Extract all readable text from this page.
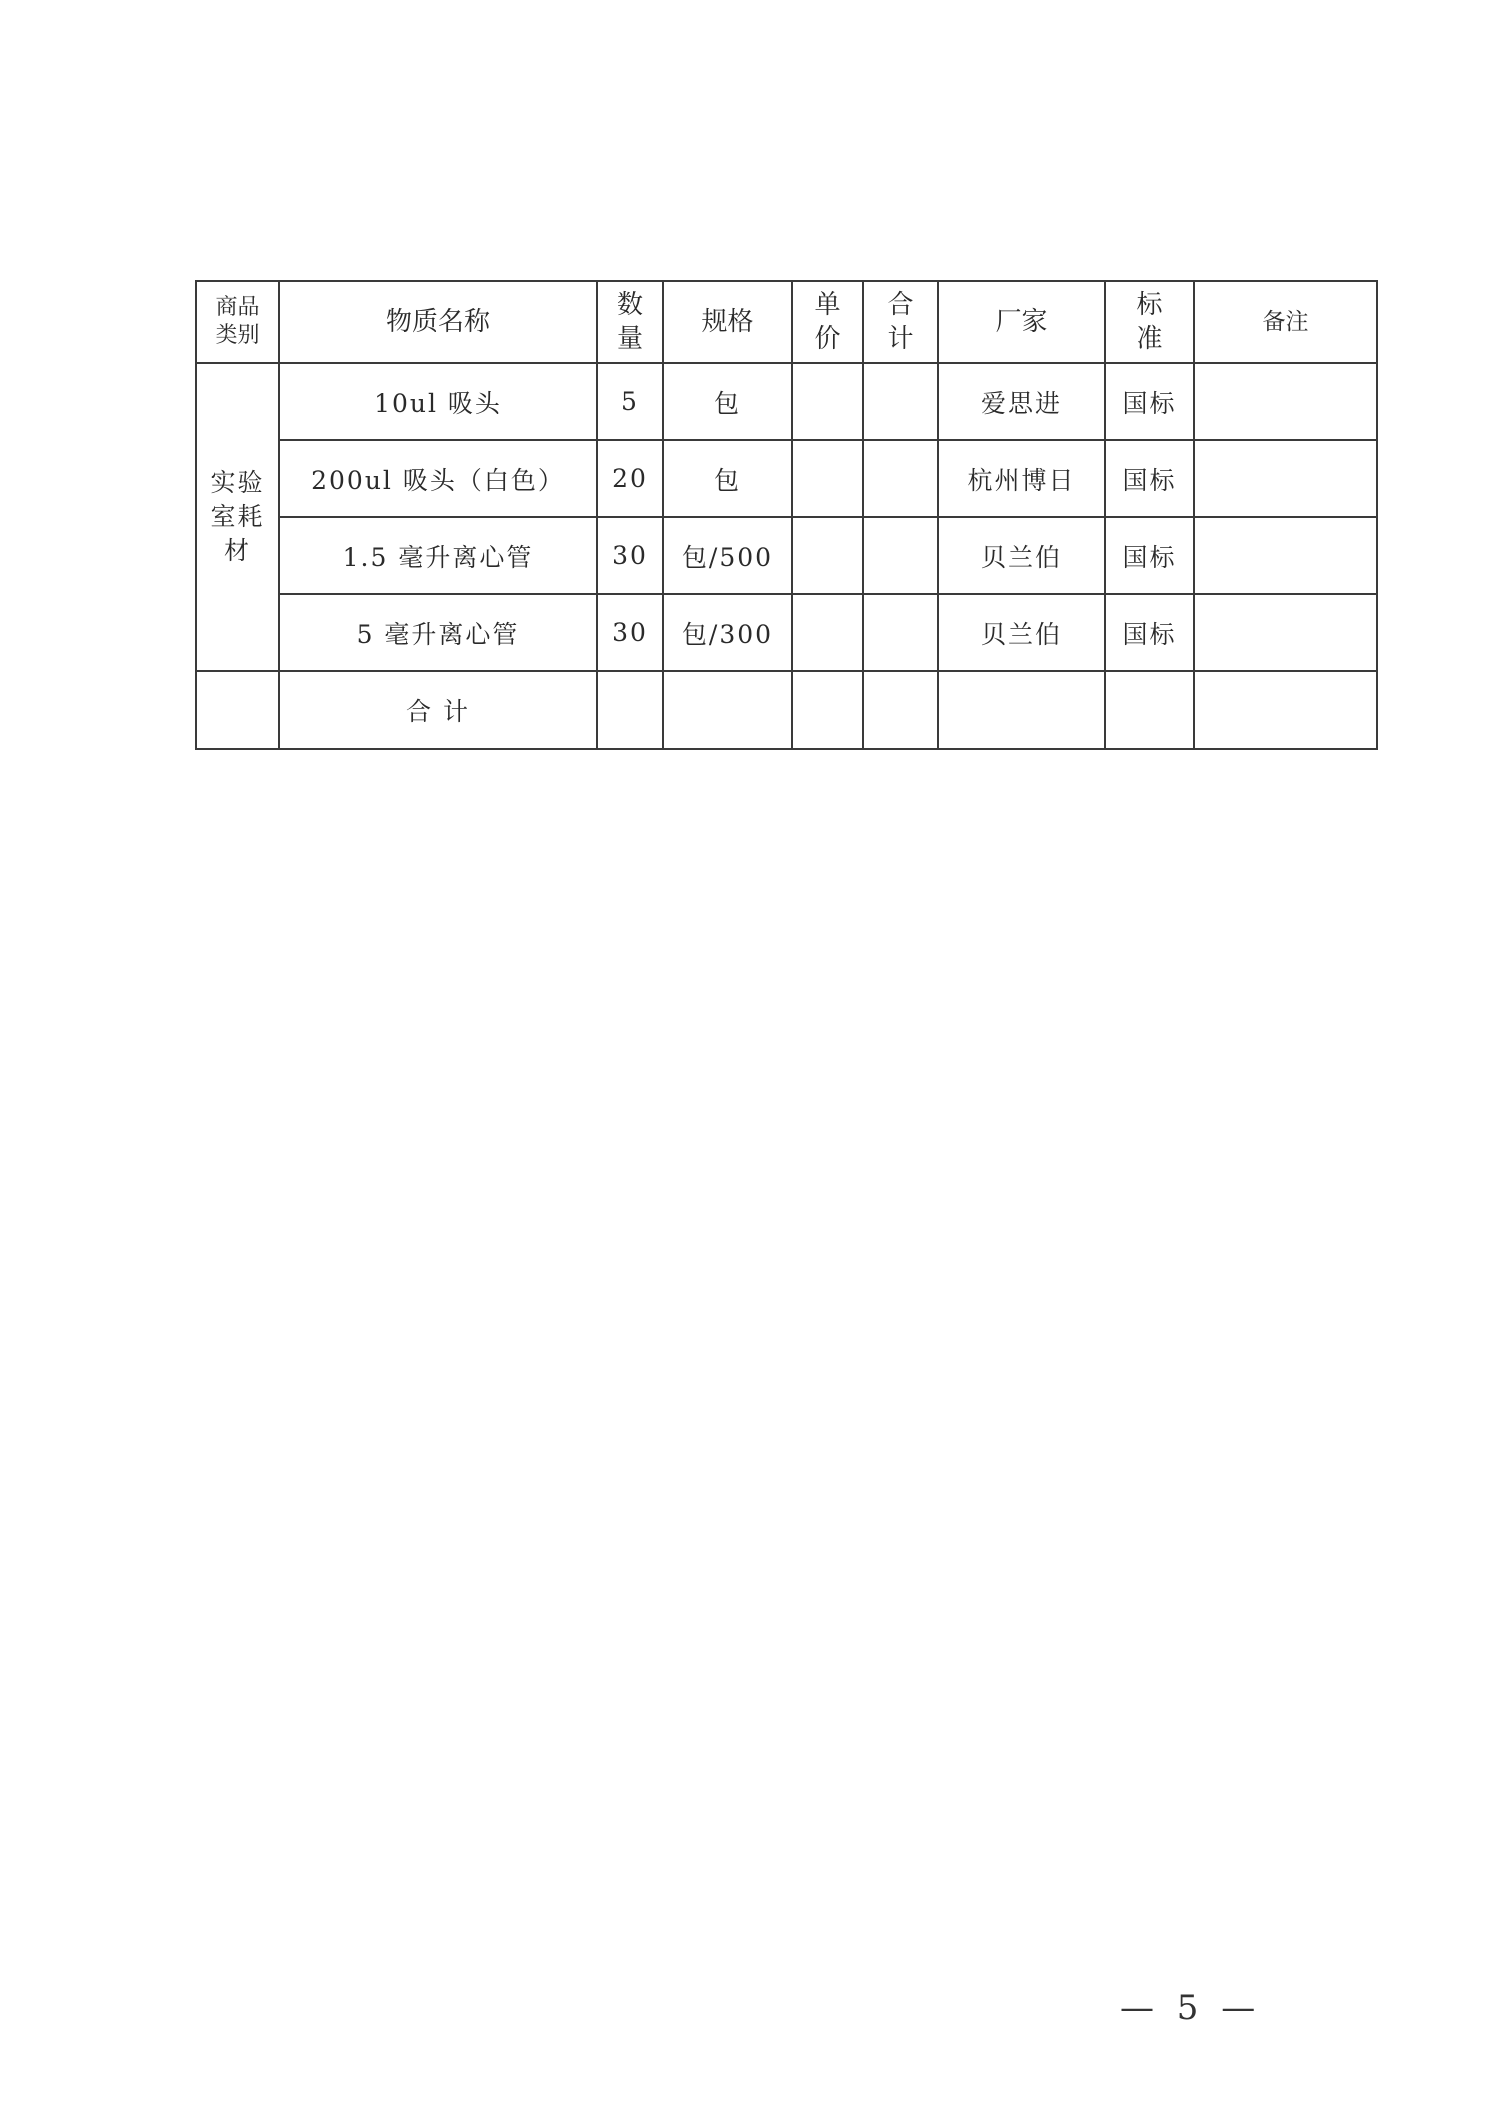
商品类别	物质名称	数量	规格	单价	合计	厂家	标准	备注
实验室耗材	10ul 吸头	5	包			爱思进	国标	
	200ul 吸头（白色）	20	包			杭州博日	国标	
	1.5 毫升离心管	30	包/500			贝兰伯	国标	
	5 毫升离心管	30	包/300			贝兰伯	国标	
	合 计							
— 5 —
